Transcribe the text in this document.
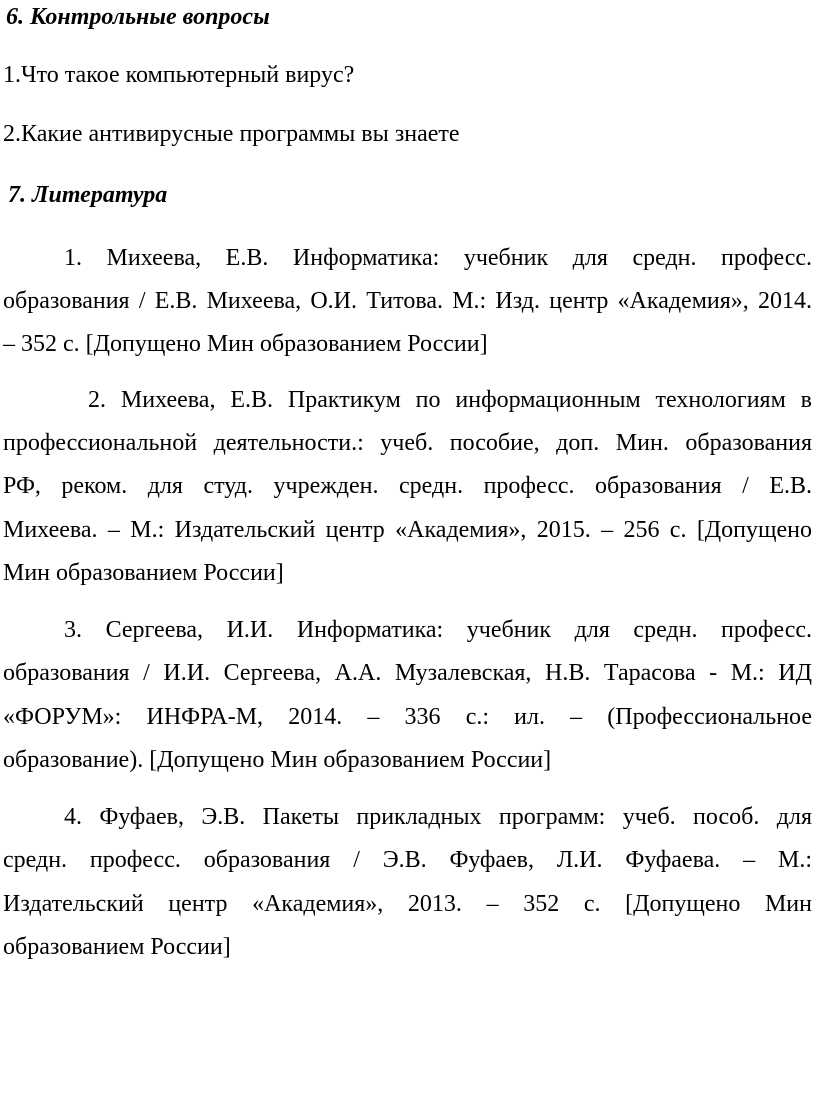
6. Контрольные вопросы
1.Что такое компьютерный вирус?
2.Какие антивирусные программы вы знаете
7. Литература
1. Михеева, Е.В. Информатика: учебник для средн. професс.
образования / Е.В. Михеева, О.И. Титова. М.: Изд. центр «Академия», 2014.
– 352 с. [Допущено Мин образованием России]
2. Михеева, Е.В. Практикум по информационным технологиям в
профессиональной деятельности.: учеб. пособие, доп. Мин. образования
РФ, реком. для студ. учрежден. средн. професс. образования / Е.В.
Михеева. – М.: Издательский центр «Академия», 2015. – 256 с. [Допущено
Мин образованием России]
3. Сергеева, И.И. Информатика: учебник для средн. професс.
образования / И.И. Сергеева, А.А. Музалевская, Н.В. Тарасова - М.: ИД
«ФОРУМ»: ИНФРА-М, 2014. – 336 с.: ил. – (Профессиональное
образование). [Допущено Мин образованием России]
4. Фуфаев, Э.В. Пакеты прикладных программ: учеб. пособ. для
средн. професс. образования / Э.В. Фуфаев, Л.И. Фуфаева. – М.:
Издательский центр «Академия», 2013. – 352 с. [Допущено Мин
образованием России]
